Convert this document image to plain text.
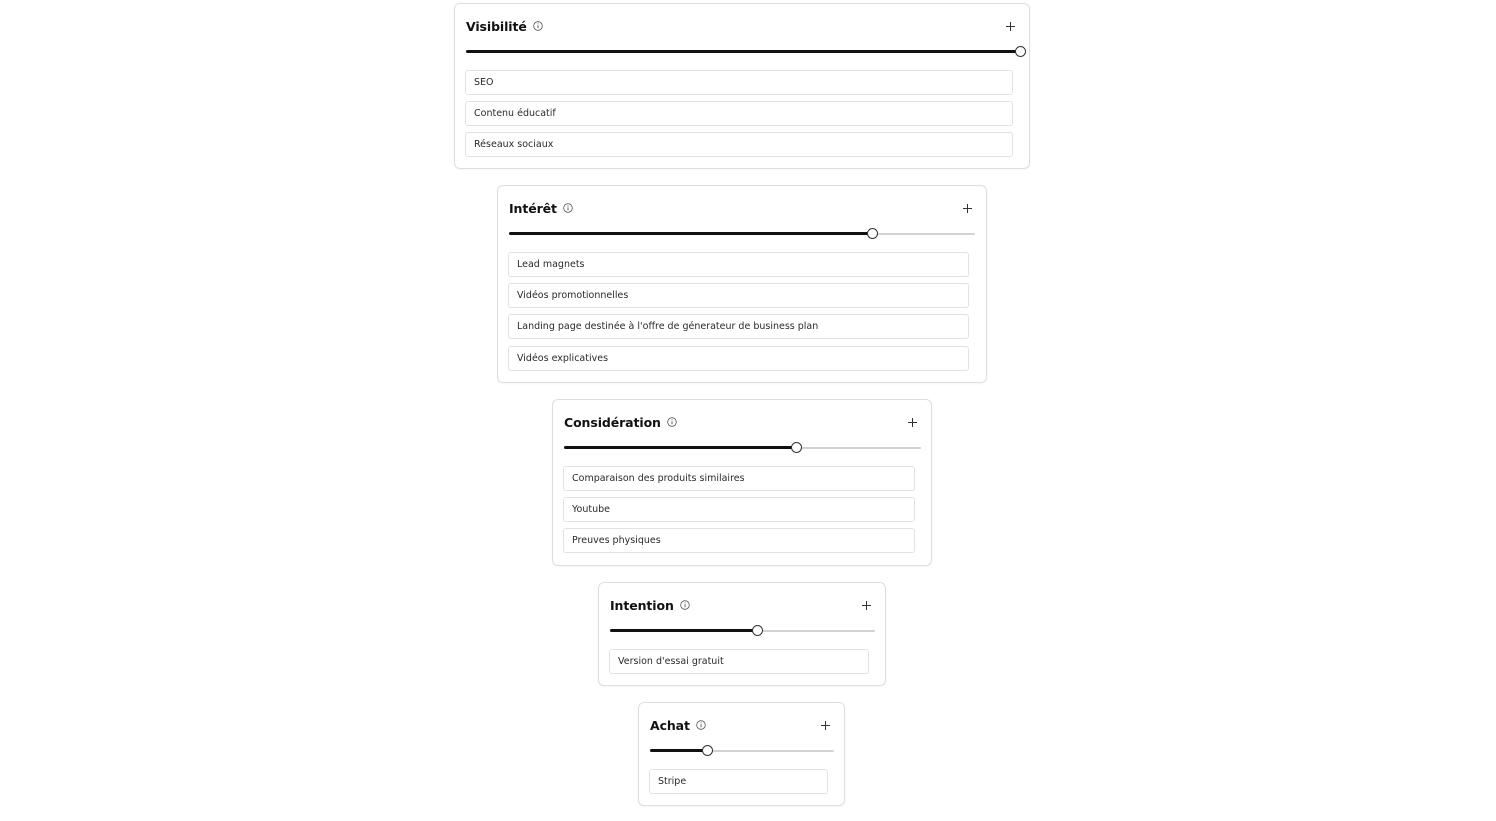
Visibilité
SEO
Contenu éducatif
Réseaux sociaux
Intérêt
Lead magnets
Vidéos promotionnelles
Landing page destinée à l'offre de génerateur de business plan
Vidéos explicatives
Considération
Comparaison des produits similaires
Youtube
Preuves physiques
Intention
Version d'essai gratuit
Achat
Stripe
